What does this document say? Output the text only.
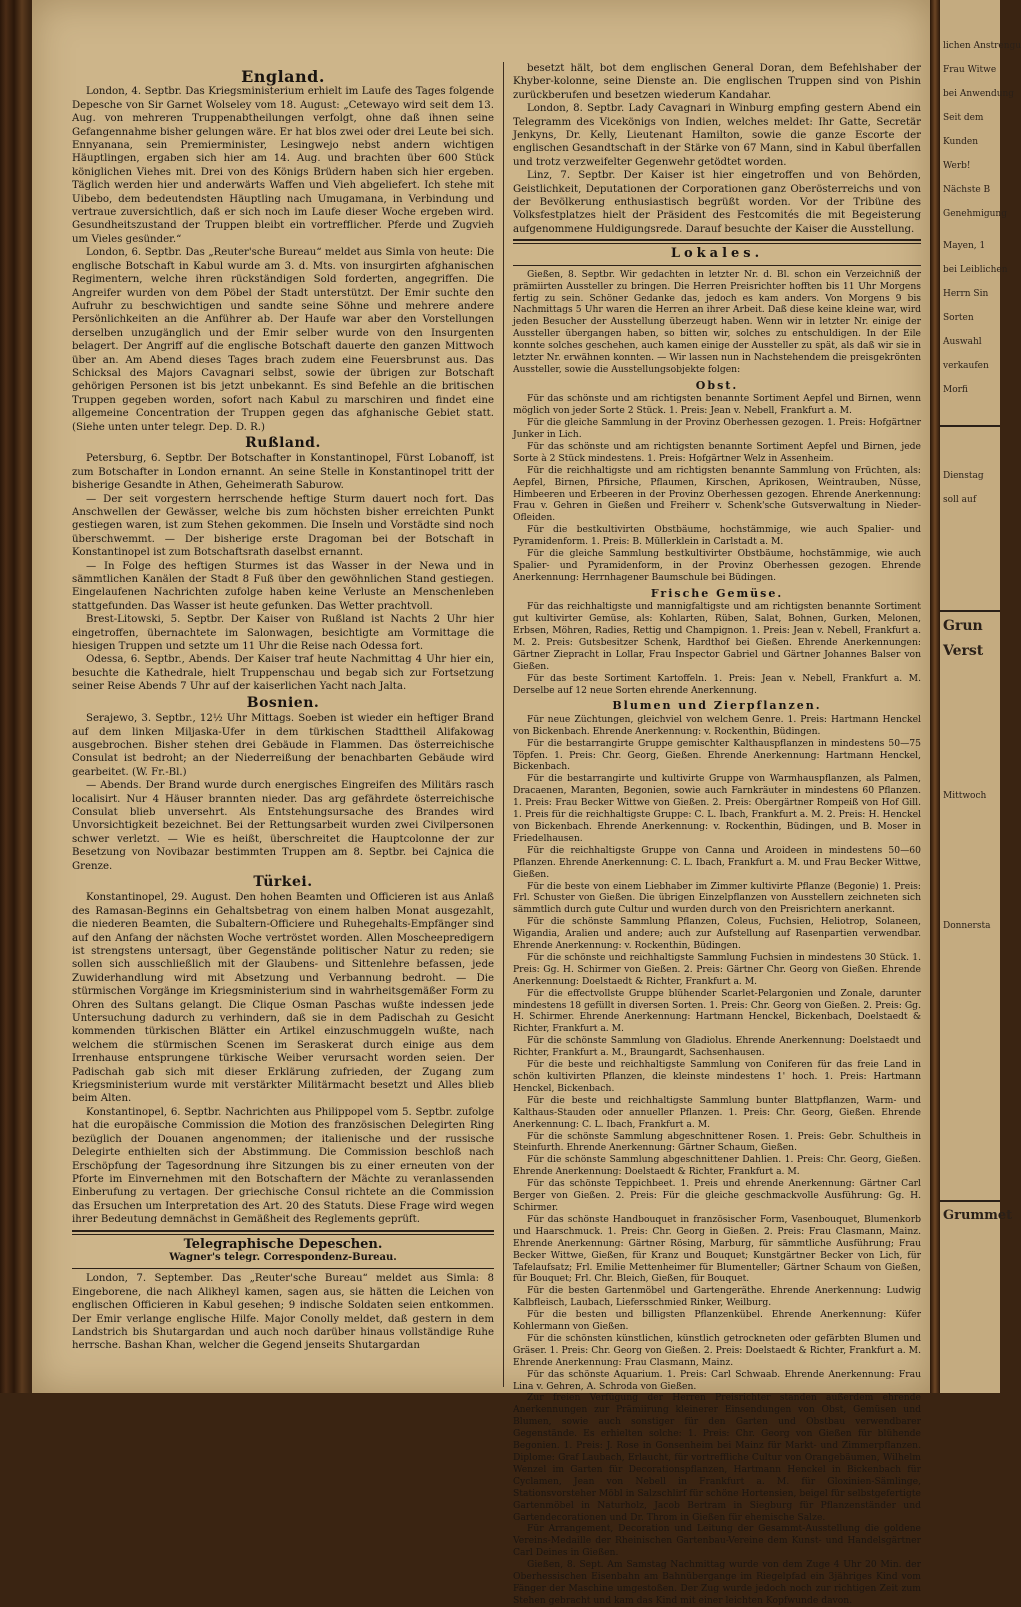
England.

London, 4. Septbr. Das Kriegsministerium erhielt im Laufe des Tages folgende Depesche von Sir Garnet Wolseley vom 18. August: „Cetewayo wird seit dem 13. Aug. von mehreren Truppenabtheilungen verfolgt, ohne daß ihnen seine Gefangennahme bisher gelungen wäre. Er hat blos zwei oder drei Leute bei sich. Ennyanana, sein Premierminister, Lesingwejo nebst andern wichtigen Häuptlingen, ergaben sich hier am 14. Aug. und brachten über 600 Stück königlichen Viehes mit. Drei von des Königs Brüdern haben sich hier ergeben. Täglich werden hier und anderwärts Waffen und Vieh abgeliefert. Ich stehe mit Uibebo, dem bedeutendsten Häuptling nach Umugamana, in Verbindung und vertraue zuversichtlich, daß er sich noch im Laufe dieser Woche ergeben wird. Gesundheitszustand der Truppen bleibt ein vortrefflicher. Pferde und Zugvieh um Vieles gesünder.“

London, 6. Septbr. Das „Reuter'sche Bureau“ meldet aus Simla von heute: Die englische Botschaft in Kabul wurde am 3. d. Mts. von insurgirten afghanischen Regimentern, welche ihren rückständigen Sold forderten, angegriffen. Die Angreifer wurden von dem Pöbel der Stadt unterstützt. Der Emir suchte den Aufruhr zu beschwichtigen und sandte seine Söhne und mehrere andere Persönlichkeiten an die Anführer ab. Der Haufe war aber den Vorstellungen derselben unzugänglich und der Emir selber wurde von den Insurgenten belagert. Der Angriff auf die englische Botschaft dauerte den ganzen Mittwoch über an. Am Abend dieses Tages brach zudem eine Feuersbrunst aus. Das Schicksal des Majors Cavagnari selbst, sowie der übrigen zur Botschaft gehörigen Personen ist bis jetzt unbekannt. Es sind Befehle an die britischen Truppen gegeben worden, sofort nach Kabul zu marschiren und findet eine allgemeine Concentration der Truppen gegen das afghanische Gebiet statt. (Siehe unten unter telegr. Dep. D. R.)

Rußland.

Petersburg, 6. Septbr. Der Botschafter in Konstantinopel, Fürst Lobanoff, ist zum Botschafter in London ernannt. An seine Stelle in Konstantinopel tritt der bisherige Gesandte in Athen, Geheimerath Saburow.

— Der seit vorgestern herrschende heftige Sturm dauert noch fort. Das Anschwellen der Gewässer, welche bis zum höchsten bisher erreichten Punkt gestiegen waren, ist zum Stehen gekommen. Die Inseln und Vorstädte sind noch überschwemmt. — Der bisherige erste Dragoman bei der Botschaft in Konstantinopel ist zum Botschaftsrath daselbst ernannt.

— In Folge des heftigen Sturmes ist das Wasser in der Newa und in sämmtlichen Kanälen der Stadt 8 Fuß über den gewöhnlichen Stand gestiegen. Eingelaufenen Nachrichten zufolge haben keine Verluste an Menschenleben stattgefunden. Das Wasser ist heute gefunken. Das Wetter prachtvoll.

Brest-Litowski, 5. Septbr. Der Kaiser von Rußland ist Nachts 2 Uhr hier eingetroffen, übernachtete im Salonwagen, besichtigte am Vormittage die hiesigen Truppen und setzte um 11 Uhr die Reise nach Odessa fort.

Odessa, 6. Septbr., Abends. Der Kaiser traf heute Nachmittag 4 Uhr hier ein, besuchte die Kathedrale, hielt Truppenschau und begab sich zur Fortsetzung seiner Reise Abends 7 Uhr auf der kaiserlichen Yacht nach Jalta.

Bosnien.

Serajewo, 3. Septbr., 12½ Uhr Mittags. Soeben ist wieder ein heftiger Brand auf dem linken Miljaska-Ufer in dem türkischen Stadttheil Alifakowag ausgebrochen. Bisher stehen drei Gebäude in Flammen. Das österreichische Consulat ist bedroht; an der Niederreißung der benachbarten Gebäude wird gearbeitet. (W. Fr.-Bl.)

— Abends. Der Brand wurde durch energisches Eingreifen des Militärs rasch localisirt. Nur 4 Häuser brannten nieder. Das arg gefährdete österreichische Consulat blieb unversehrt. Als Entstehungsursache des Brandes wird Unvorsichtigkeit bezeichnet. Bei der Rettungsarbeit wurden zwei Civilpersonen schwer verletzt. — Wie es heißt, überschreitet die Hauptcolonne der zur Besetzung von Novibazar bestimmten Truppen am 8. Septbr. bei Cajnica die Grenze.

Türkei.

Konstantinopel, 29. August. Den hohen Beamten und Officieren ist aus Anlaß des Ramasan-Beginns ein Gehaltsbetrag von einem halben Monat ausgezahlt, die niederen Beamten, die Subaltern-Officiere und Ruhegehalts-Empfänger sind auf den Anfang der nächsten Woche vertröstet worden. Allen Moscheepredigern ist strengstens untersagt, über Gegenstände politischer Natur zu reden; sie sollen sich ausschließlich mit der Glaubens- und Sittenlehre befassen, jede Zuwiderhandlung wird mit Absetzung und Verbannung bedroht. — Die stürmischen Vorgänge im Kriegsministerium sind in wahrheitsgemäßer Form zu Ohren des Sultans gelangt. Die Clique Osman Paschas wußte indessen jede Untersuchung dadurch zu verhindern, daß sie in dem Padischah zu Gesicht kommenden türkischen Blätter ein Artikel einzuschmuggeln wußte, nach welchem die stürmischen Scenen im Seraskerat durch einige aus dem Irrenhause entsprungene türkische Weiber verursacht worden seien. Der Padischah gab sich mit dieser Erklärung zufrieden, der Zugang zum Kriegsministerium wurde mit verstärkter Militärmacht besetzt und Alles blieb beim Alten.

Konstantinopel, 6. Septbr. Nachrichten aus Philippopel vom 5. Septbr. zufolge hat die europäische Commission die Motion des französischen Delegirten Ring bezüglich der Douanen angenommen; der italienische und der russische Delegirte enthielten sich der Abstimmung. Die Commission beschloß nach Erschöpfung der Tagesordnung ihre Sitzungen bis zu einer erneuten von der Pforte im Einvernehmen mit den Botschaftern der Mächte zu veranlassenden Einberufung zu vertagen. Der griechische Consul richtete an die Commission das Ersuchen um Interpretation des Art. 20 des Statuts. Diese Frage wird wegen ihrer Bedeutung demnächst in Gemäßheit des Reglements geprüft.

Telegraphische Depeschen.
Wagner's telegr. Correspondenz-Bureau.

London, 7. September. Das „Reuter'sche Bureau“ meldet aus Simla: 8 Eingeborene, die nach Alikheyl kamen, sagen aus, sie hätten die Leichen von englischen Officieren in Kabul gesehen; 9 indische Soldaten seien entkommen. Der Emir verlange englische Hilfe. Major Conolly meldet, daß gestern in dem Landstrich bis Shutargardan und auch noch darüber hinaus vollständige Ruhe herrsche. Bashan Khan, welcher die Gegend jenseits Shutargardan

besetzt hält, bot dem englischen General Doran, dem Befehlshaber der Khyber-kolonne, seine Dienste an. Die englischen Truppen sind von Pishin zurückberufen und besetzen wiederum Kandahar.

London, 8. Septbr. Lady Cavagnari in Winburg empfing gestern Abend ein Telegramm des Vicekönigs von Indien, welches meldet: Ihr Gatte, Secretär Jenkyns, Dr. Kelly, Lieutenant Hamilton, sowie die ganze Escorte der englischen Gesandtschaft in der Stärke von 67 Mann, sind in Kabul überfallen und trotz verzweifelter Gegenwehr getödtet worden.

Linz, 7. Septbr. Der Kaiser ist hier eingetroffen und von Behörden, Geistlichkeit, Deputationen der Corporationen ganz Oberösterreichs und von der Bevölkerung enthusiastisch begrüßt worden. Vor der Tribüne des Volksfestplatzes hielt der Präsident des Festcomités die mit Begeisterung aufgenommene Huldigungsrede. Darauf besuchte der Kaiser die Ausstellung.

Lokales.

Gießen, 8. Septbr. Wir gedachten in letzter Nr. d. Bl. schon ein Verzeichniß der prämiirten Aussteller zu bringen. Die Herren Preisrichter hofften bis 11 Uhr Morgens fertig zu sein. Schöner Gedanke das, jedoch es kam anders. Von Morgens 9 bis Nachmittags 5 Uhr waren die Herren an ihrer Arbeit. Daß diese keine kleine war, wird jeden Besucher der Ausstellung überzeugt haben. Wenn wir in letzter Nr. einige der Aussteller übergangen haben, so bitten wir, solches zu entschuldigen. In der Eile konnte solches geschehen, auch kamen einige der Aussteller zu spät, als daß wir sie in letzter Nr. erwähnen konnten. — Wir lassen nun in Nachstehendem die preisgekrönten Aussteller, sowie die Ausstellungsobjekte folgen:

Obst.

Für das schönste und am richtigsten benannte Sortiment Aepfel und Birnen, wenn möglich von jeder Sorte 2 Stück. 1. Preis: Jean v. Nebell, Frankfurt a. M.

Für die gleiche Sammlung in der Provinz Oberhessen gezogen. 1. Preis: Hofgärtner Junker in Lich.

Für das schönste und am richtigsten benannte Sortiment Aepfel und Birnen, jede Sorte à 2 Stück mindestens. 1. Preis: Hofgärtner Welz in Assenheim.

Für die reichhaltigste und am richtigsten benannte Sammlung von Früchten, als: Aepfel, Birnen, Pfirsiche, Pflaumen, Kirschen, Aprikosen, Weintrauben, Nüsse, Himbeeren und Erbeeren in der Provinz Oberhessen gezogen. Ehrende Anerkennung: Frau v. Gehren in Gießen und Freiherr v. Schenk'sche Gutsverwaltung in Nieder-Ofleiden.

Für die bestkultivirten Obstbäume, hochstämmige, wie auch Spalier- und Pyramidenform. 1. Preis: B. Müllerklein in Carlstadt a. M.

Für die gleiche Sammlung bestkultivirter Obstbäume, hochstämmige, wie auch Spalier- und Pyramidenform, in der Provinz Oberhessen gezogen. Ehrende Anerkennung: Herrnhagener Baumschule bei Büdingen.

Frische Gemüse.

Für das reichhaltigste und mannigfaltigste und am richtigsten benannte Sortiment gut kultivirter Gemüse, als: Kohlarten, Rüben, Salat, Bohnen, Gurken, Melonen, Erbsen, Möhren, Radies, Rettig und Champignon. 1. Preis: Jean v. Nebell, Frankfurt a. M. 2. Preis: Gutsbesitzer Schenk, Hardthof bei Gießen. Ehrende Anerkennungen: Gärtner Ziepracht in Lollar, Frau Inspector Gabriel und Gärtner Johannes Balser von Gießen.

Für das beste Sortiment Kartoffeln. 1. Preis: Jean v. Nebell, Frankfurt a. M. Derselbe auf 12 neue Sorten ehrende Anerkennung.

Blumen und Zierpflanzen.

Für neue Züchtungen, gleichviel von welchem Genre. 1. Preis: Hartmann Henckel von Bickenbach. Ehrende Anerkennung: v. Rockenthin, Büdingen.

Für die bestarrangirte Gruppe gemischter Kalthauspflanzen in mindestens 50—75 Töpfen. 1. Preis: Chr. Georg, Gießen. Ehrende Anerkennung: Hartmann Henckel, Bickenbach.

Für die bestarrangirte und kultivirte Gruppe von Warmhauspflanzen, als Palmen, Dracaenen, Maranten, Begonien, sowie auch Farnkräuter in mindestens 60 Pflanzen. 1. Preis: Frau Becker Wittwe von Gießen. 2. Preis: Obergärtner Rompeiß von Hof Gill. 1. Preis für die reichhaltigste Gruppe: C. L. Ibach, Frankfurt a. M. 2. Preis: H. Henckel von Bickenbach. Ehrende Anerkennung: v. Rockenthin, Büdingen, und B. Moser in Friedelhausen.

Für die reichhaltigste Gruppe von Canna und Aroideen in mindestens 50—60 Pflanzen. Ehrende Anerkennung: C. L. Ibach, Frankfurt a. M. und Frau Becker Wittwe, Gießen.

Für die beste von einem Liebhaber im Zimmer kultivirte Pflanze (Begonie) 1. Preis: Frl. Schuster von Gießen. Die übrigen Einzelpflanzen von Ausstellern zeichneten sich sämmtlich durch gute Cultur und wurden durch von den Preisrichtern anerkannt.

Für die schönste Sammlung Pflanzen, Coleus, Fuchsien, Heliotrop, Solaneen, Wigandia, Aralien und andere; auch zur Aufstellung auf Rasenpartien verwendbar. Ehrende Anerkennung: v. Rockenthin, Büdingen.

Für die schönste und reichhaltigste Sammlung Fuchsien in mindestens 30 Stück. 1. Preis: Gg. H. Schirmer von Gießen. 2. Preis: Gärtner Chr. Georg von Gießen. Ehrende Anerkennung: Doelstaedt & Richter, Frankfurt a. M.

Für die effectvollste Gruppe blühender Scarlet-Pelargonien und Zonale, darunter mindestens 18 gefüllt in diversen Sorten. 1. Preis: Chr. Georg von Gießen. 2. Preis: Gg. H. Schirmer. Ehrende Anerkennung: Hartmann Henckel, Bickenbach, Doelstaedt & Richter, Frankfurt a. M.

Für die schönste Sammlung von Gladiolus. Ehrende Anerkennung: Doelstaedt und Richter, Frankfurt a. M., Braungardt, Sachsenhausen.

Für die beste und reichhaltigste Sammlung von Coniferen für das freie Land in schön kultivirten Pflanzen, die kleinste mindestens 1' hoch. 1. Preis: Hartmann Henckel, Bickenbach.

Für die beste und reichhaltigste Sammlung bunter Blattpflanzen, Warm- und Kalthaus-Stauden oder annueller Pflanzen. 1. Preis: Chr. Georg, Gießen. Ehrende Anerkennung: C. L. Ibach, Frankfurt a. M.

Für die schönste Sammlung abgeschnittener Rosen. 1. Preis: Gebr. Schultheis in Steinfurth. Ehrende Anerkennung: Gärtner Schaum, Gießen.

Für die schönste Sammlung abgeschnittener Dahlien. 1. Preis: Chr. Georg, Gießen. Ehrende Anerkennung: Doelstaedt & Richter, Frankfurt a. M.

Für das schönste Teppichbeet. 1. Preis und ehrende Anerkennung: Gärtner Carl Berger von Gießen. 2. Preis: Für die gleiche geschmackvolle Ausführung: Gg. H. Schirmer.

Für das schönste Handbouquet in französischer Form, Vasenbouquet, Blumenkorb und Haarschmuck. 1. Preis: Chr. Georg in Gießen. 2. Preis: Frau Clasmann, Mainz. Ehrende Anerkennung: Gärtner Rösing, Marburg, für sämmtliche Ausführung; Frau Becker Wittwe, Gießen, für Kranz und Bouquet; Kunstgärtner Becker von Lich, für Tafelaufsatz; Frl. Emilie Mettenheimer für Blumenteller; Gärtner Schaum von Gießen, für Bouquet; Frl. Chr. Bleich, Gießen, für Bouquet.

Für die besten Gartenmöbel und Gartengeräthe. Ehrende Anerkennung: Ludwig Kalbfleisch, Laubach, Liefersschmied Rinker, Weilburg.

Für die besten und billigsten Pflanzenkübel. Ehrende Anerkennung: Küfer Kohlermann von Gießen.

Für die schönsten künstlichen, künstlich getrockneten oder gefärbten Blumen und Gräser. 1. Preis: Chr. Georg von Gießen. 2. Preis: Doelstaedt & Richter, Frankfurt a. M. Ehrende Anerkennung: Frau Clasmann, Mainz.

Für das schönste Aquarium. 1. Preis: Carl Schwaab. Ehrende Anerkennung: Frau Lina v. Gehren, A. Schroda von Gießen.

Zur freien Verfügung der Herren Preisrichter standen außerdem ehrende Anerkennungen zur Prämiirung kleinerer Einsendungen von Obst, Gemüsen und Blumen, sowie auch sonstiger für den Garten und Obstbau verwendbarer Gegenstände. Es erhielten solche: 1. Preis: Chr. Georg von Gießen für blühende Begonien. 1. Preis: J. Rose in Gonsenheim bei Mainz für Markt- und Zimmerpflanzen. Diplome: Graf Laubach, Erlaucht, für vortreffliche Cultur von Orangebäumen, Wilhelm Wenzel im Garten für Decorationspflanzen, Hartmann Henckel in Bickenbach für Cyclamen, Jean von Nebell in Frankfurt a. M. für Gloxinien-Sämlinge, Stationsvorsteher Möbl in Salzschlirf für schöne Hortensien, beigel für selbstgefertigte Gartenmöbel in Naturholz, Jacob Bertram in Siegburg für Pflanzenständer und Gartendecorationen und Dr. Throm in Gießen für ehemische Salze.

Für Arrangement, Decoration und Leitung der Gesammt-Ausstellung die goldene Vereins-Medaille der Rheinischen Gartenbau-Vereine dem Kunst- und Handelsgärtner Carl Deines in Gießen.

Gießen, 8. Sept. Am Samstag Nachmittag wurde von dem Zuge 4 Uhr 20 Min. der Oberhessischen Eisenbahn am Bahnübergange im Riegelpfad ein 3jähriges Kind vom Fänger der Maschine umgestoßen. Der Zug wurde jedoch noch zur richtigen Zeit zum Stehen gebracht und kam das Kind mit einer leichten Kopfwunde davon.

lichen Anstrengu
Frau Witwe
bei Anwendung
Seit dem
Kunden
Werb!
Nächste B
Genehmigung
Mayen, 1
bei Leiblichen
Herrn Sin
Sorten
Auswahl
verkaufen
Morfi
Dienstag
soll auf
Grun
Verst
Mittwoch
Donnersta
Grummet
